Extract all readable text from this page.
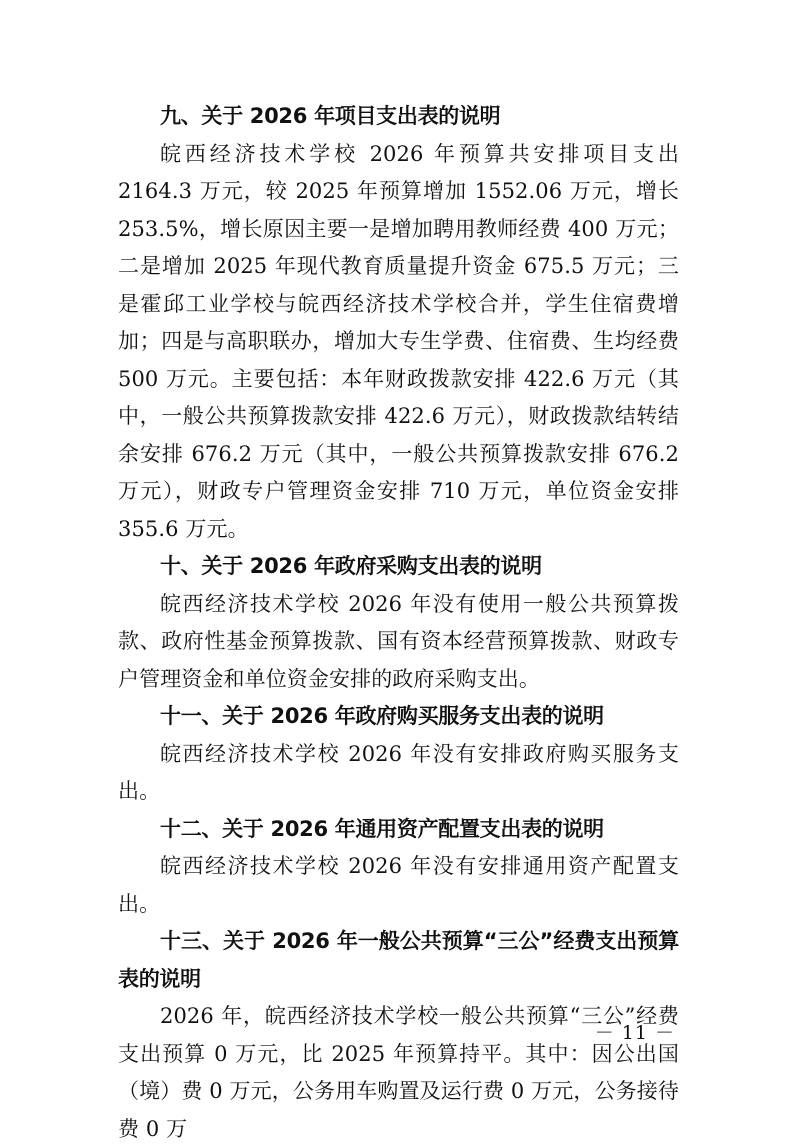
九、关于 2026 年项目支出表的说明

皖西经济技术学校 2026 年预算共安排项目支出 2164.3 万元，较 2025 年预算增加 1552.06 万元，增长 253.5%，增长原因主要一是增加聘用教师经费 400 万元；二是增加 2025 年现代教育质量提升资金 675.5 万元；三是霍邱工业学校与皖西经济技术学校合并，学生住宿费增加；四是与高职联办，增加大专生学费、住宿费、生均经费 500 万元。主要包括：本年财政拨款安排 422.6 万元（其中，一般公共预算拨款安排 422.6 万元），财政拨款结转结余安排 676.2 万元（其中，一般公共预算拨款安排 676.2 万元），财政专户管理资金安排 710 万元，单位资金安排 355.6 万元。

十、关于 2026 年政府采购支出表的说明

皖西经济技术学校 2026 年没有使用一般公共预算拨款、政府性基金预算拨款、国有资本经营预算拨款、财政专户管理资金和单位资金安排的政府采购支出。

十一、关于 2026 年政府购买服务支出表的说明

皖西经济技术学校 2026 年没有安排政府购买服务支出。

十二、关于 2026 年通用资产配置支出表的说明

皖西经济技术学校 2026 年没有安排通用资产配置支出。

十三、关于 2026 年一般公共预算“三公”经费支出预算表的说明

2026 年，皖西经济技术学校一般公共预算“三公”经费支出预算 0 万元，比 2025 年预算持平。其中：因公出国（境）费 0 万元，公务用车购置及运行费 0 万元，公务接待费 0 万

－ 11 －
